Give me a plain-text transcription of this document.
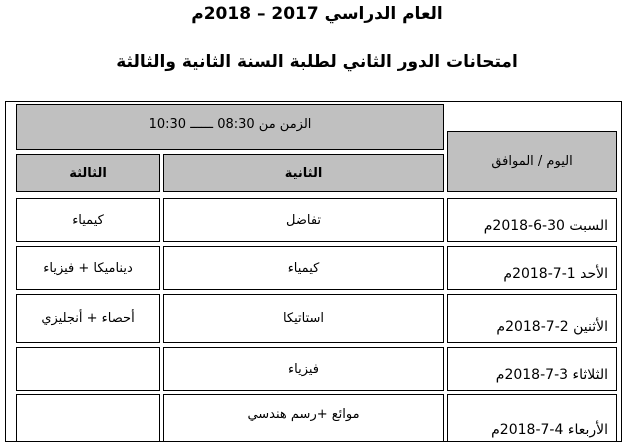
العام الدراسي 2017 – 2018م
امتحانات الدور الثاني لطلبة السنة الثانية والثالثة
الزمن من 08:30 ــــــ 10:30
اليوم / الموافق
الثانية
الثالثة
السبت 30-6-2018م
تفاضل
كيمياء
الأحد 1-7-2018م
كيمياء
ديناميكا + فيزياء
الأثنين 2-7-2018م
استاتيكا
أحصاء + أنجليزي
الثلاثاء 3-7-2018م
فيزياء
الأربعاء 4-7-2018م
موائع +رسم هندسي
